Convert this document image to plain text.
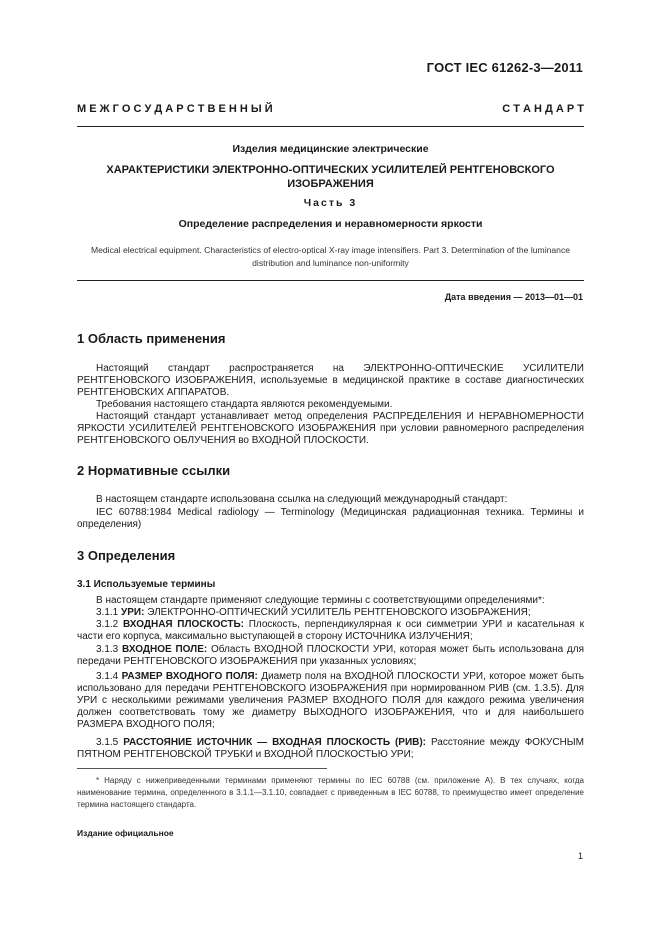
ГОСТ IEC 61262-3—2011
М Е Ж Г О С У Д А Р С Т В Е Н Н Ы Й	С Т А Н Д А Р Т
Изделия медицинские электрические
ХАРАКТЕРИСТИКИ ЭЛЕКТРОННО-ОПТИЧЕСКИХ УСИЛИТЕЛЕЙ РЕНТГЕНОВСКОГО ИЗОБРАЖЕНИЯ
Часть 3
Определение распределения и неравномерности яркости
Medical electrical equipment. Characteristics of electro-optical X-ray image intensifiers. Part 3. Determination of the luminance distribution and luminance non-uniformity
Дата введения — 2013—01—01
1 Область применения
Настоящий стандарт распространяется на ЭЛЕКТРОННО-ОПТИЧЕСКИЕ УСИЛИТЕЛИ РЕНТГЕНОВСКОГО ИЗОБРАЖЕНИЯ, используемые в медицинской практике в составе диагностических РЕНТГЕНОВСКИХ АППАРАТОВ.
Требования настоящего стандарта являются рекомендуемыми.
Настоящий стандарт устанавливает метод определения РАСПРЕДЕЛЕНИЯ И НЕРАВНОМЕРНОСТИ ЯРКОСТИ УСИЛИТЕЛЕЙ РЕНТГЕНОВСКОГО ИЗОБРАЖЕНИЯ при условии равномерного распределения РЕНТГЕНОВСКОГО ОБЛУЧЕНИЯ во ВХОДНОЙ ПЛОСКОСТИ.
2 Нормативные ссылки
В настоящем стандарте использована ссылка на следующий международный стандарт:
IEC 60788:1984 Medical radiology — Terminology (Медицинская радиационная техника. Термины и определения)
3 Определения
3.1 Используемые термины
В настоящем стандарте применяют следующие термины с соответствующими определениями*:
3.1.1 УРИ: ЭЛЕКТРОННО-ОПТИЧЕСКИЙ УСИЛИТЕЛЬ РЕНТГЕНОВСКОГО ИЗОБРАЖЕНИЯ;
3.1.2 ВХОДНАЯ ПЛОСКОСТЬ: Плоскость, перпендикулярная к оси симметрии УРИ и касательная к части его корпуса, максимально выступающей в сторону ИСТОЧНИКА ИЗЛУЧЕНИЯ;
3.1.3 ВХОДНОЕ ПОЛЕ: Область ВХОДНОЙ ПЛОСКОСТИ УРИ, которая может быть использована для передачи РЕНТГЕНОВСКОГО ИЗОБРАЖЕНИЯ при указанных условиях;
3.1.4 РАЗМЕР ВХОДНОГО ПОЛЯ: Диаметр поля на ВХОДНОЙ ПЛОСКОСТИ УРИ, которое может быть использовано для передачи РЕНТГЕНОВСКОГО ИЗОБРАЖЕНИЯ при нормированном РИВ (см. 1.3.5). Для УРИ с несколькими режимами увеличения РАЗМЕР ВХОДНОГО ПОЛЯ для каждого режима увеличения должен соответствовать тому же диаметру ВЫХОДНОГО ИЗОБРАЖЕНИЯ, что и для наибольшего РАЗМЕРА ВХОДНОГО ПОЛЯ;
3.1.5 РАССТОЯНИЕ ИСТОЧНИК — ВХОДНАЯ ПЛОСКОСТЬ (РИВ): Расстояние между ФОКУСНЫМ ПЯТНОМ РЕНТГЕНОВСКОЙ ТРУБКИ и ВХОДНОЙ ПЛОСКОСТЬЮ УРИ;
* Наряду с нижеприведенными терминами применяют термины по IEC 60788 (см. приложение А). В тех случаях, когда наименование термина, определенного в 3.1.1—3.1.10, совпадает с приведенным в IEC 60788, то преимущество имеет определение термина настоящего стандарта.
Издание официальное
1
